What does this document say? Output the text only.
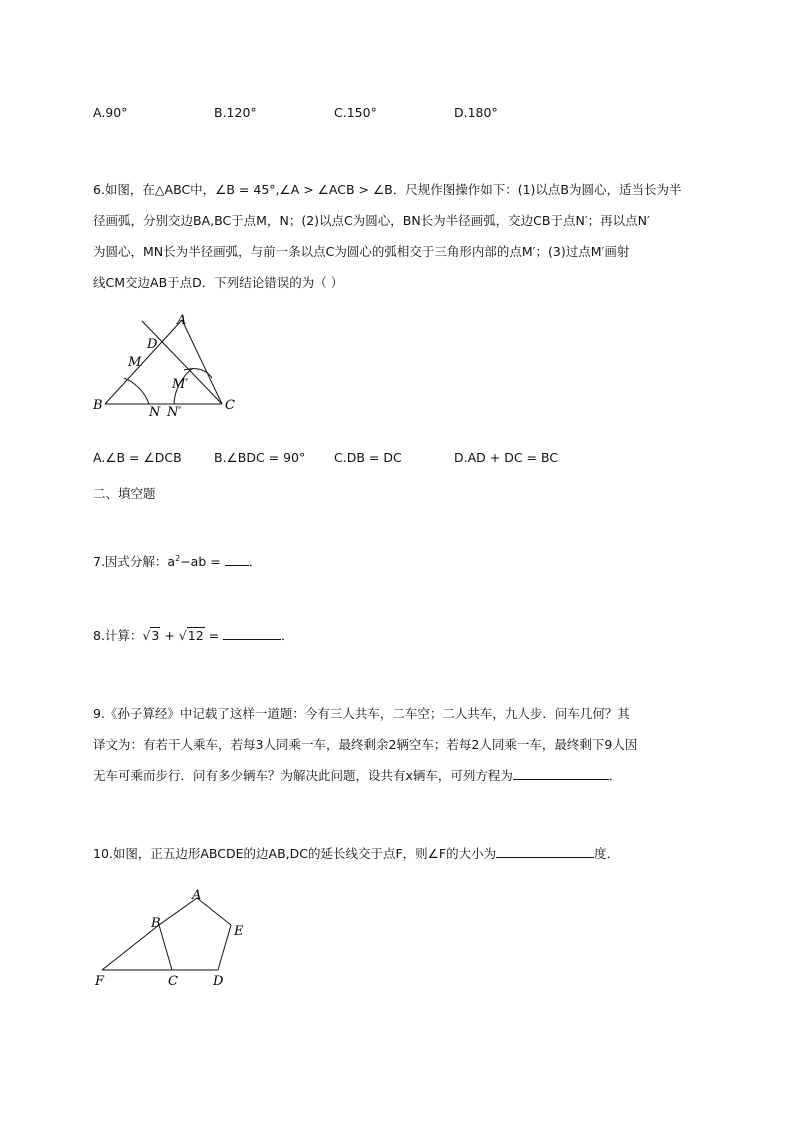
A.90°	B.120°	C.150°	D.180°
6.如图，在△ABC中，∠B = 45°,∠A > ∠ACB > ∠B．尺规作图操作如下：(1)以点B为圆心，适当长为半
径画弧，分别交边BA,BC于点M，N；(2)以点C为圆心，BN长为半径画弧，交边CB于点N′；再以点N′
为圆心，MN长为半径画弧，与前一条以点C为圆心的弧相交于三角形内部的点M′；(3)过点M′画射
线CM交边AB于点D．下列结论错误的为（ ）
A
D
M
M′
B	N N′	C
A.∠B = ∠DCB	B.∠BDC = 90° C.DB = DC	D.AD + DC = BC
二、填空题
7.因式分解：$a^2-ab$ = ．
8.计算：√3 + √12 =	．
9.《孙子算经》中记载了这样一道题：今有三人共车，二车空；二人共车，九人步．问车几何？其
译文为：有若干人乘车，若每3人同乘一车，最终剩余2辆空车；若每2人同乘一车，最终剩下9人因
无车可乘而步行．问有多少辆车？为解决此问题，设共有x辆车，可列方程为	．
10.如图，正五边形ABCDE的边AB,DC的延长线交于点F，则∠F的大小为	度．
A
B
E
F	C	D
